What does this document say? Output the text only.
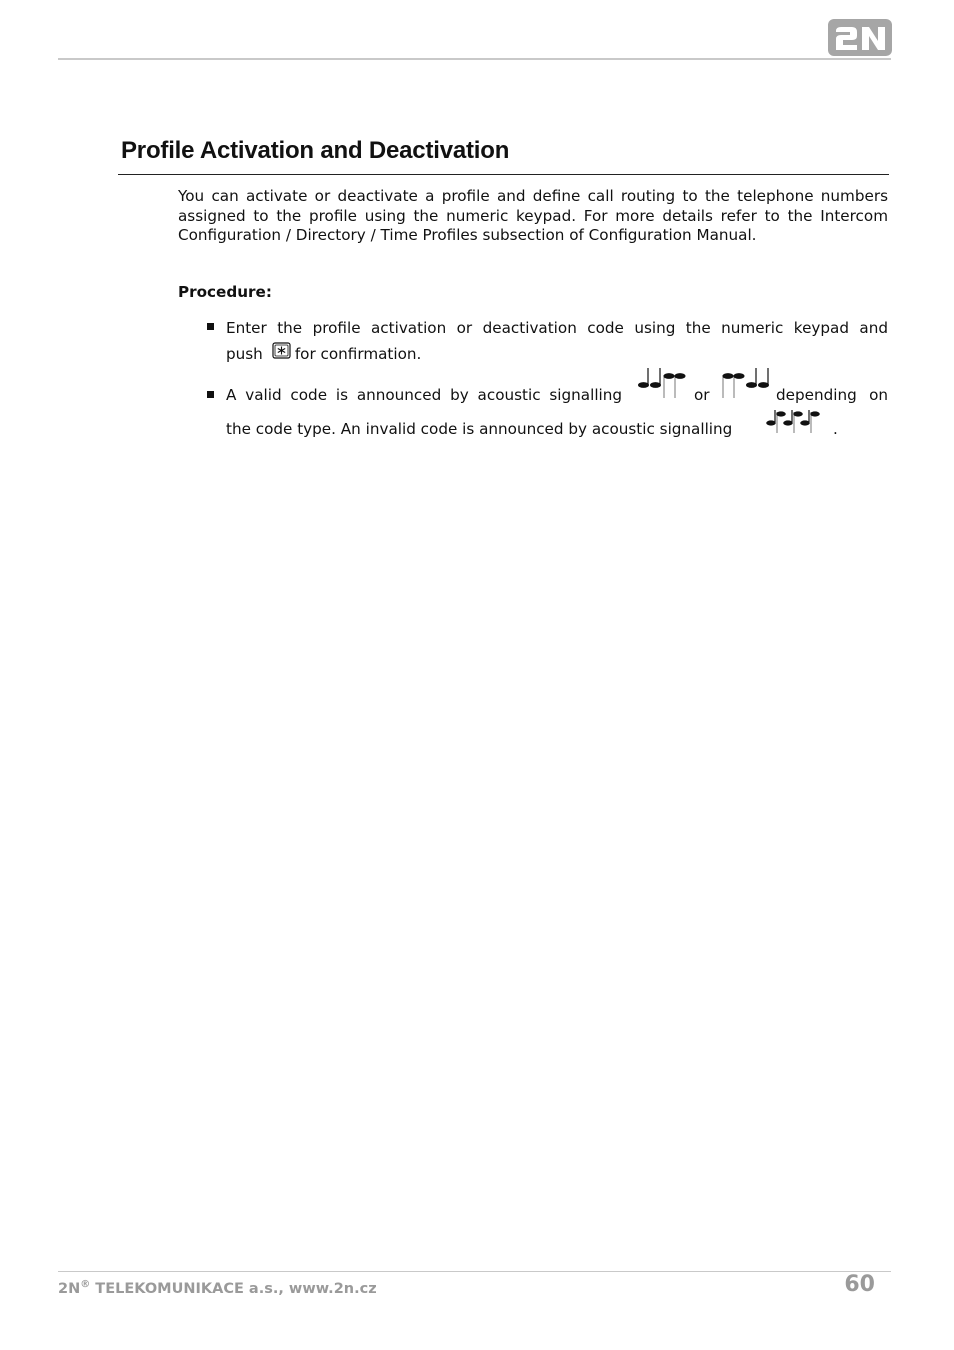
Profile Activation and Deactivation

You can activate or deactivate a profile and define call routing to the telephone numbers assigned to the profile using the numeric keypad. For more details refer to the Intercom Configuration / Directory / Time Profiles subsection of Configuration Manual.

Procedure:

Enter the profile activation or deactivation code using the numeric keypad and

push for confirmation.

A valid code is announced by acoustic signalling	or	depending on

the code type. An invalid code is announced by acoustic signalling	.
2N® TELEKOMUNIKACE a.s., www.2n.cz	60
